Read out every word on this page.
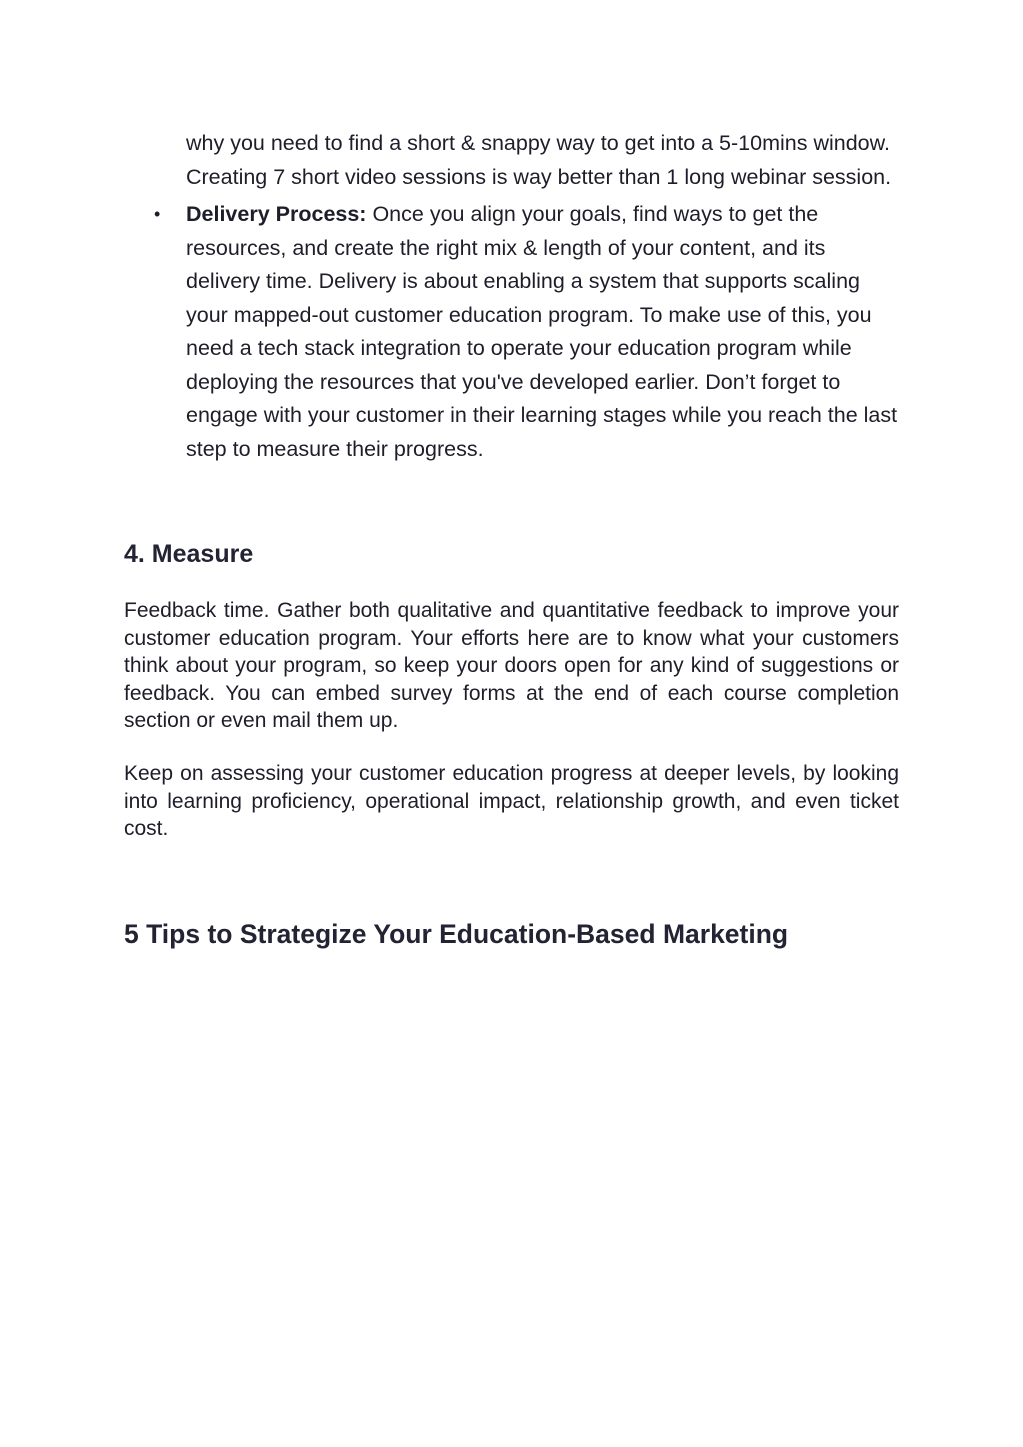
why you need to find a short & snappy way to get into a 5-10mins window. Creating 7 short video sessions is way better than 1 long webinar session.
• Delivery Process: Once you align your goals, find ways to get the resources, and create the right mix & length of your content, and its delivery time. Delivery is about enabling a system that supports scaling your mapped-out customer education program. To make use of this, you need a tech stack integration to operate your education program while deploying the resources that you've developed earlier. Don’t forget to engage with your customer in their learning stages while you reach the last step to measure their progress.
4. Measure

Feedback time. Gather both qualitative and quantitative feedback to improve your customer education program. Your efforts here are to know what your customers think about your program, so keep your doors open for any kind of suggestions or feedback. You can embed survey forms at the end of each course completion section or even mail them up.

Keep on assessing your customer education progress at deeper levels, by looking into learning proficiency, operational impact, relationship growth, and even ticket cost.

5 Tips to Strategize Your Education-Based Marketing
